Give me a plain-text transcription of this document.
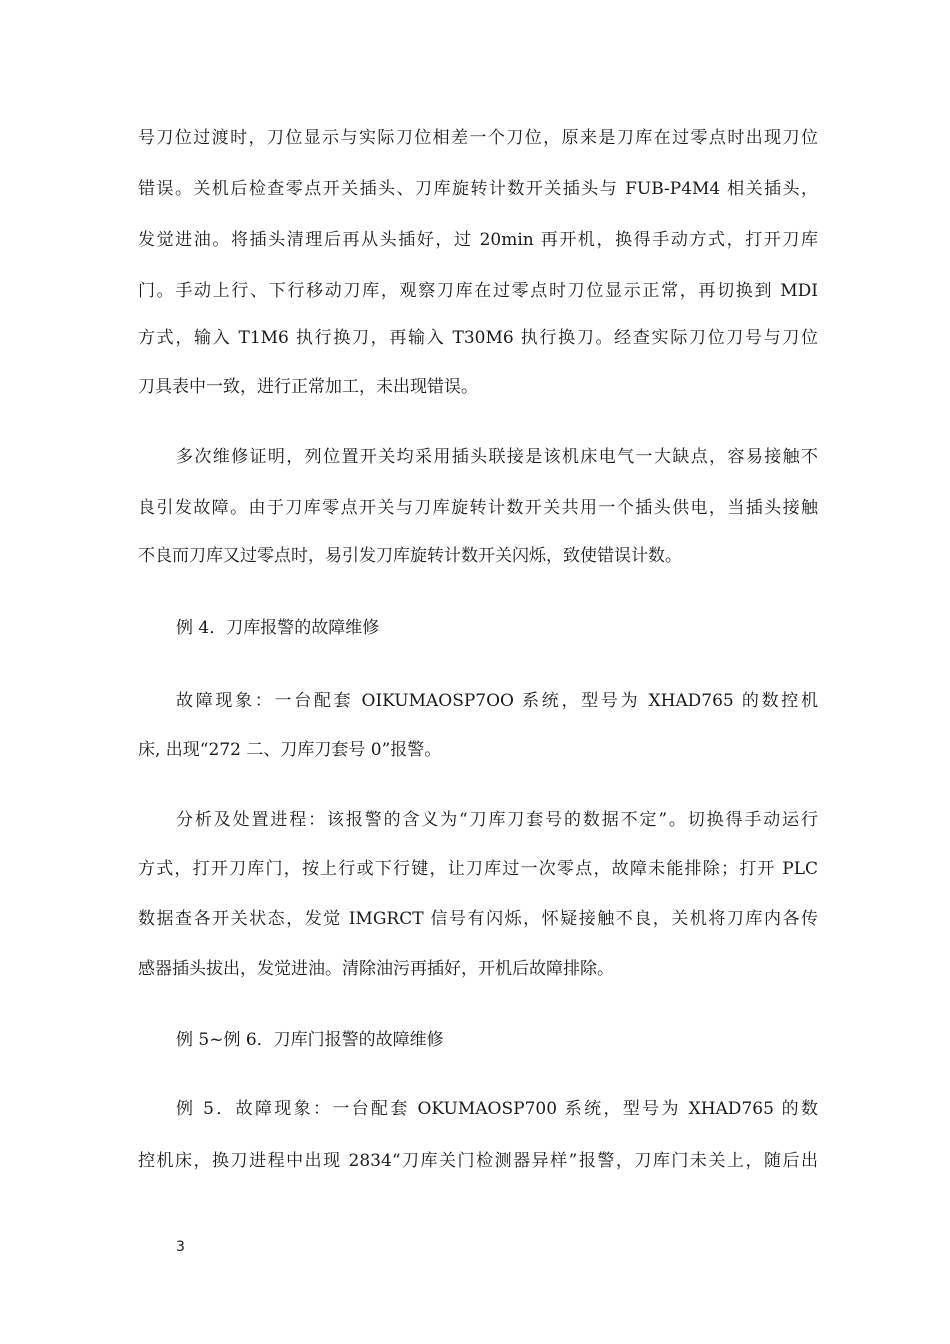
号刀位过渡时，刀位显示与实际刀位相差一个刀位，原来是刀库在过零点时出现刀位
错误。关机后检查零点开关插头、刀库旋转计数开关插头与 FUB-P4M4 相关插头，
发觉进油。将插头清理后再从头插好，过 20min 再开机，换得手动方式，打开刀库
门。手动上行、下行移动刀库，观察刀库在过零点时刀位显示正常，再切换到 MDI
方式，输入 T1M6 执行换刀，再输入 T30M6 执行换刀。经查实际刀位刀号与刀位
刀具表中一致，进行正常加工，未出现错误。
多次维修证明，列位置开关均采用插头联接是该机床电气一大缺点，容易接触不
良引发故障。由于刀库零点开关与刀库旋转计数开关共用一个插头供电，当插头接触
不良而刀库又过零点时，易引发刀库旋转计数开关闪烁，致使错误计数。
例 4．刀库报警的故障维修
故障现象：一台配套 OIKUMAOSP7OO 系统，型号为 XHAD765 的数控机
床, 出现“272 二、刀库刀套号 0”报警。
分析及处置进程：该报警的含义为“刀库刀套号的数据不定”。切换得手动运行
方式，打开刀库门，按上行或下行键，让刀库过一次零点，故障未能排除；打开 PLC
数据查各开关状态，发觉 IMGRCT 信号有闪烁，怀疑接触不良，关机将刀库内各传
感器插头拔出，发觉进油。清除油污再插好，开机后故障排除。
例 5~例 6．刀库门报警的故障维修
例 5．故障现象：一台配套 OKUMAOSP700 系统，型号为 XHAD765 的数
控机床，换刀进程中出现 2834“刀库关门检测器异样”报警，刀库门未关上，随后出
3
